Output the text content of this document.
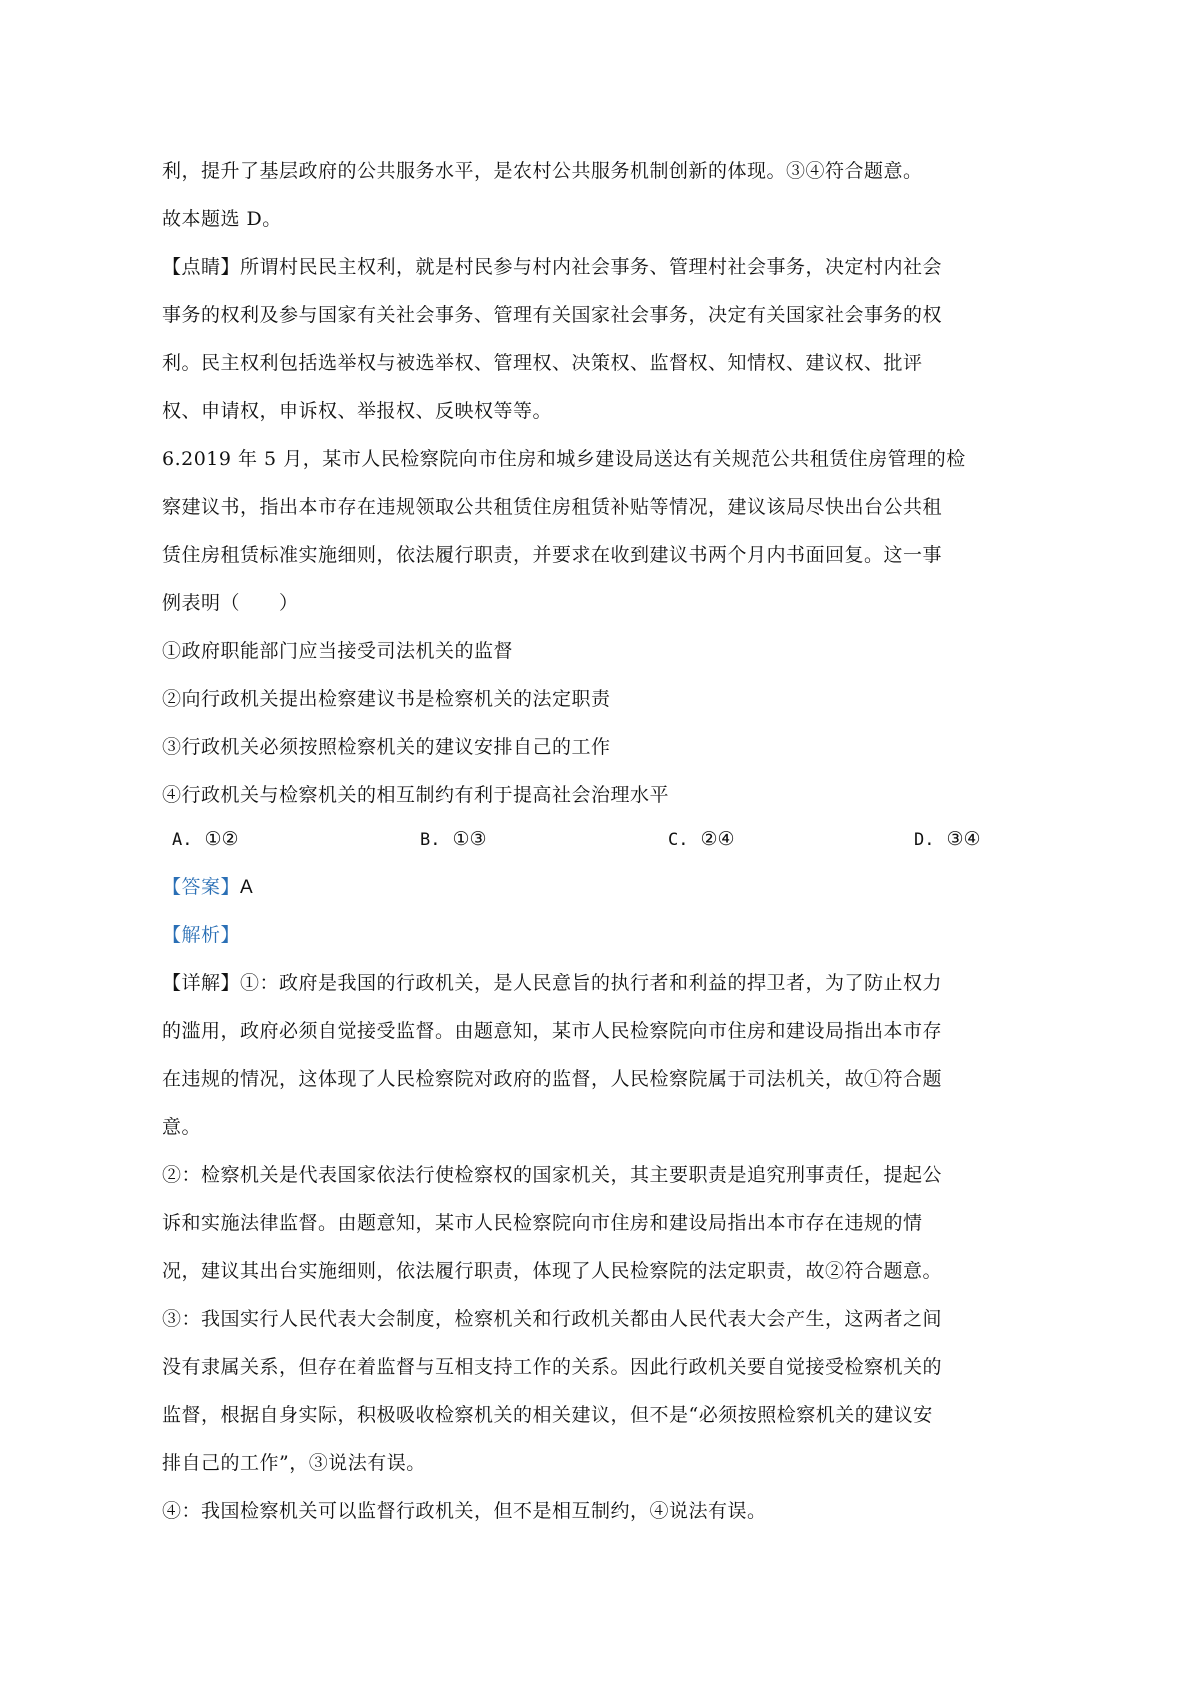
利，提升了基层政府的公共服务水平，是农村公共服务机制创新的体现。③④符合题意。
故本题选 D。
【点睛】所谓村民民主权利，就是村民参与村内社会事务、管理村社会事务，决定村内社会
事务的权利及参与国家有关社会事务、管理有关国家社会事务，决定有关国家社会事务的权
利。民主权利包括选举权与被选举权、管理权、决策权、监督权、知情权、建议权、批评
权、申请权，申诉权、举报权、反映权等等。
6.2019 年 5 月，某市人民检察院向市住房和城乡建设局送达有关规范公共租赁住房管理的检
察建议书，指出本市存在违规领取公共租赁住房租赁补贴等情况，建议该局尽快出台公共租
赁住房租赁标准实施细则，依法履行职责，并要求在收到建议书两个月内书面回复。这一事
例表明（　　）
①政府职能部门应当接受司法机关的监督
②向行政机关提出检察建议书是检察机关的法定职责
③行政机关必须按照检察机关的建议安排自己的工作
④行政机关与检察机关的相互制约有利于提高社会治理水平
A. ①②	B. ①③	C. ②④	D. ③④
【答案】A
【解析】
【详解】①：政府是我国的行政机关，是人民意旨的执行者和利益的捍卫者，为了防止权力
的滥用，政府必须自觉接受监督。由题意知，某市人民检察院向市住房和建设局指出本市存
在违规的情况，这体现了人民检察院对政府的监督，人民检察院属于司法机关，故①符合题
意。
②：检察机关是代表国家依法行使检察权的国家机关，其主要职责是追究刑事责任，提起公
诉和实施法律监督。由题意知，某市人民检察院向市住房和建设局指出本市存在违规的情
况，建议其出台实施细则，依法履行职责，体现了人民检察院的法定职责，故②符合题意。
③：我国实行人民代表大会制度，检察机关和行政机关都由人民代表大会产生，这两者之间
没有隶属关系，但存在着监督与互相支持工作的关系。因此行政机关要自觉接受检察机关的
监督，根据自身实际，积极吸收检察机关的相关建议，但不是“必须按照检察机关的建议安
排自己的工作”，③说法有误。
④：我国检察机关可以监督行政机关，但不是相互制约，④说法有误。
